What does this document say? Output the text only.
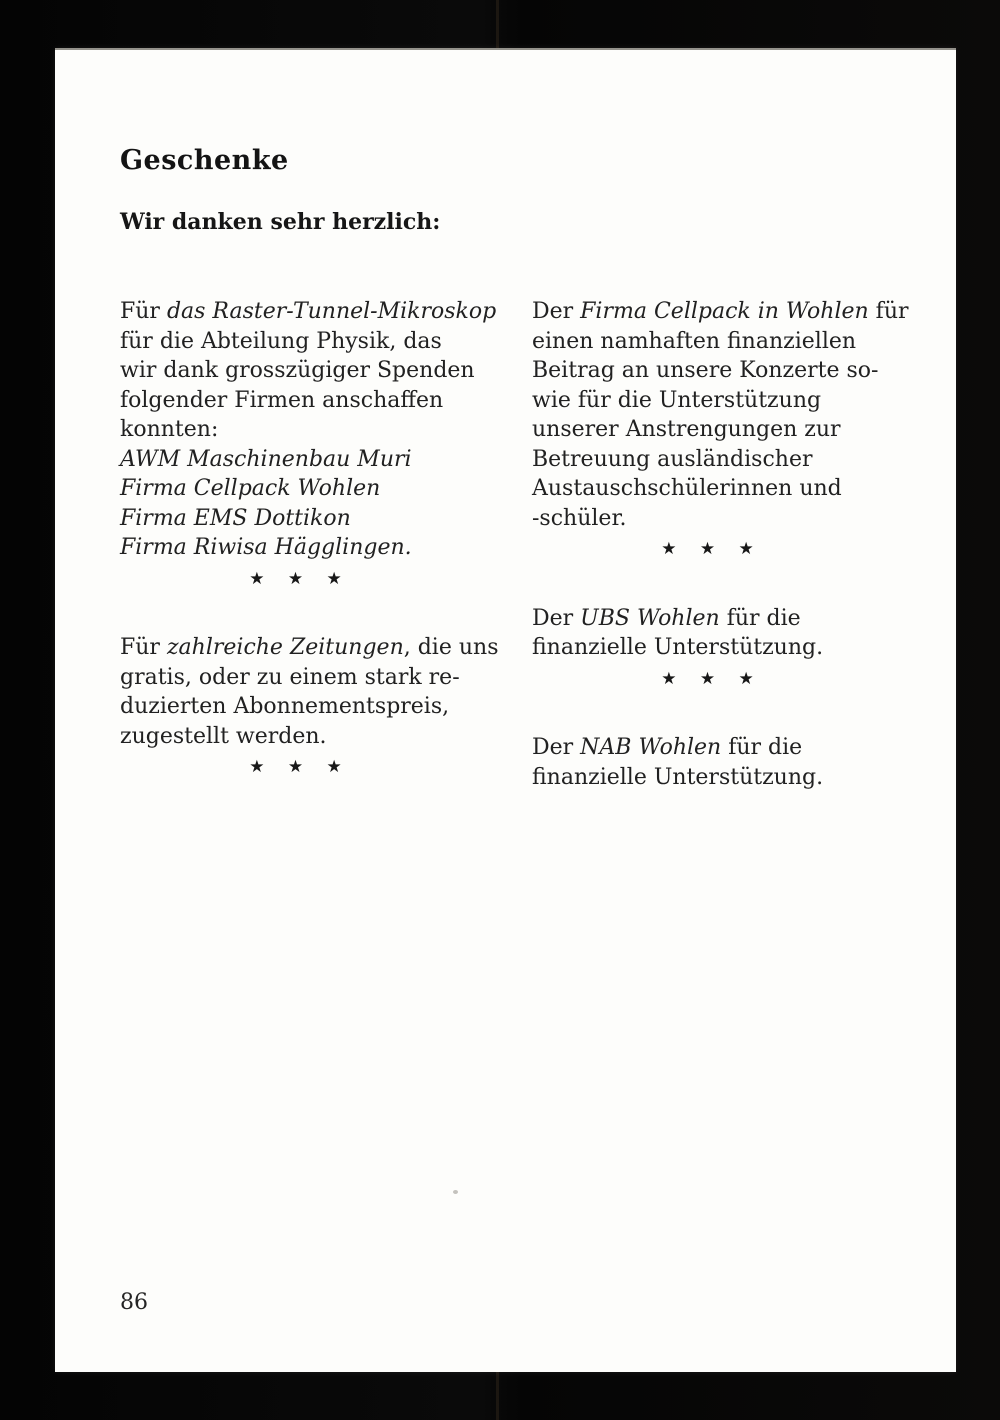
Geschenke
Wir danken sehr herzlich:
Für das Raster-Tunnel-Mikroskop
für die Abteilung Physik, das
wir dank grosszügiger Spenden
folgender Firmen anschaffen
konnten:
AWM Maschinenbau Muri
Firma Cellpack Wohlen
Firma EMS Dottikon
Firma Riwisa Hägglingen.
★ ★ ★
Für zahlreiche Zeitungen, die uns
gratis, oder zu einem stark re-
duzierten Abonnementspreis,
zugestellt werden.
★ ★ ★
Der Firma Cellpack in Wohlen für
einen namhaften finanziellen
Beitrag an unsere Konzerte so-
wie für die Unterstützung
unserer Anstrengungen zur
Betreuung ausländischer
Austauschschülerinnen und
-schüler.
★ ★ ★
Der UBS Wohlen für die
finanzielle Unterstützung.
★ ★ ★
Der NAB Wohlen für die
finanzielle Unterstützung.
86
